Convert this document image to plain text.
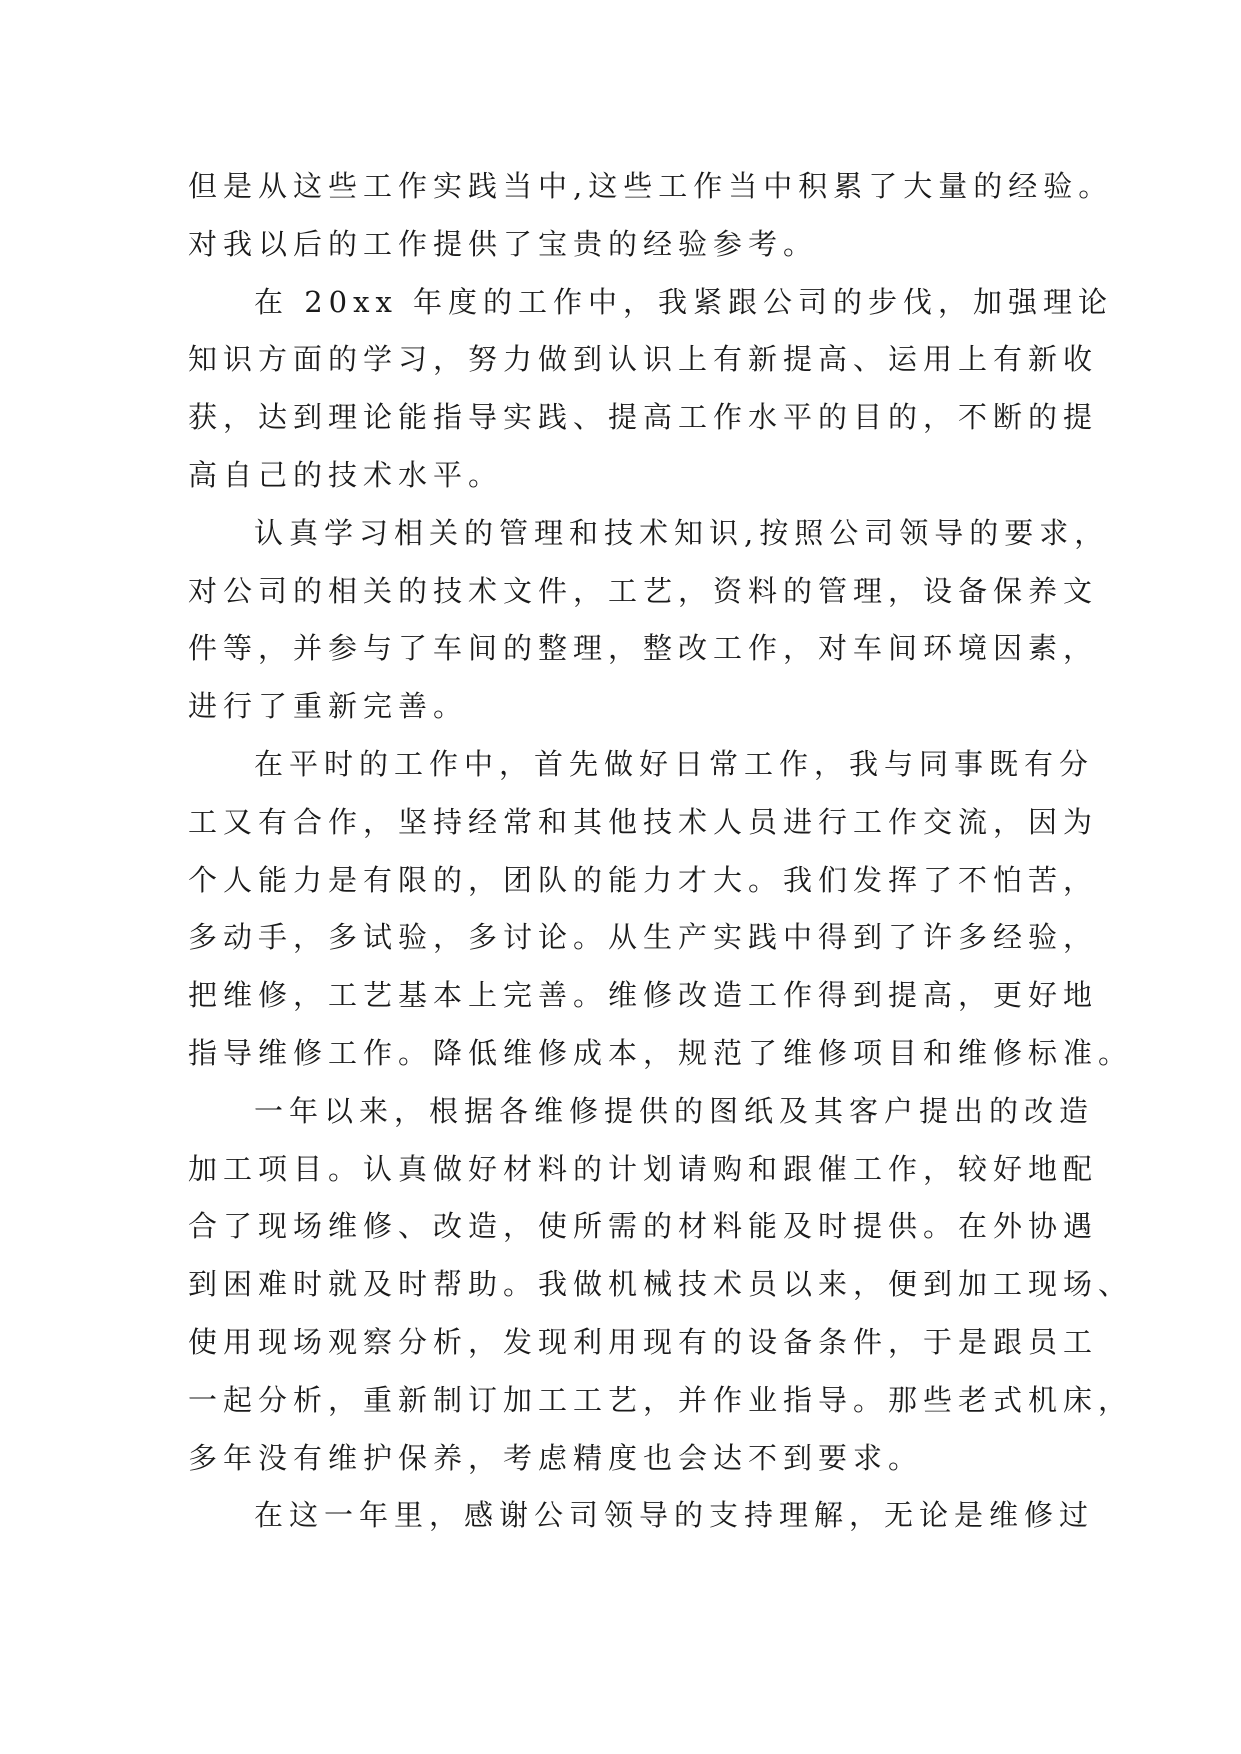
但是从这些工作实践当中,这些工作当中积累了大量的经验。
对我以后的工作提供了宝贵的经验参考。
在 20xx 年度的工作中，我紧跟公司的步伐，加强理论
知识方面的学习，努力做到认识上有新提高、运用上有新收
获，达到理论能指导实践、提高工作水平的目的，不断的提
高自己的技术水平。
认真学习相关的管理和技术知识,按照公司领导的要求，
对公司的相关的技术文件，工艺，资料的管理，设备保养文
件等，并参与了车间的整理，整改工作，对车间环境因素，
进行了重新完善。
在平时的工作中，首先做好日常工作，我与同事既有分
工又有合作，坚持经常和其他技术人员进行工作交流，因为
个人能力是有限的，团队的能力才大。我们发挥了不怕苦，
多动手，多试验，多讨论。从生产实践中得到了许多经验，
把维修，工艺基本上完善。维修改造工作得到提高，更好地
指导维修工作。降低维修成本，规范了维修项目和维修标准。
一年以来，根据各维修提供的图纸及其客户提出的改造
加工项目。认真做好材料的计划请购和跟催工作，较好地配
合了现场维修、改造，使所需的材料能及时提供。在外协遇
到困难时就及时帮助。我做机械技术员以来，便到加工现场、
使用现场观察分析，发现利用现有的设备条件，于是跟员工
一起分析，重新制订加工工艺，并作业指导。那些老式机床，
多年没有维护保养，考虑精度也会达不到要求。
在这一年里，感谢公司领导的支持理解，无论是维修过
